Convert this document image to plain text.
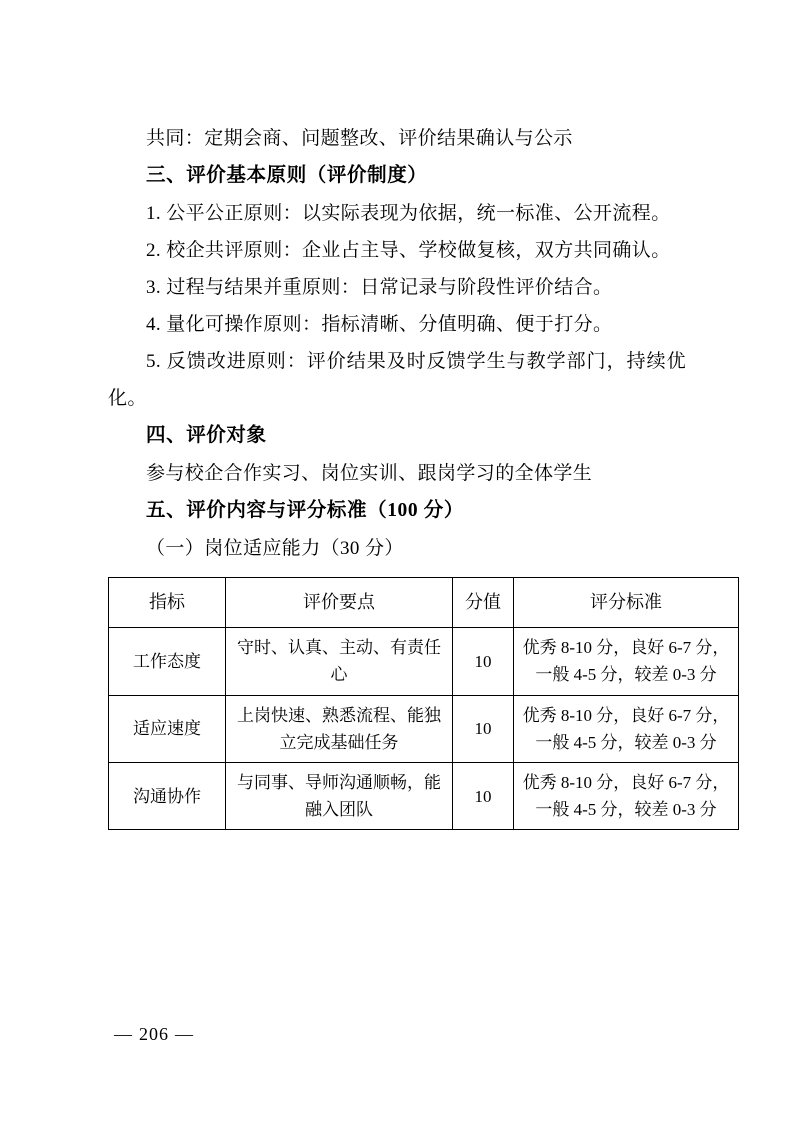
共同：定期会商、问题整改、评价结果确认与公示

三、评价基本原则（评价制度）

1. 公平公正原则：以实际表现为依据，统一标准、公开流程。

2. 校企共评原则：企业占主导、学校做复核，双方共同确认。

3. 过程与结果并重原则：日常记录与阶段性评价结合。

4. 量化可操作原则：指标清晰、分值明确、便于打分。

5. 反馈改进原则：评价结果及时反馈学生与教学部门，持续优化。

四、评价对象

参与校企合作实习、岗位实训、跟岗学习的全体学生

五、评价内容与评分标准（100 分）

（一）岗位适应能力（30 分）

指标	评价要点	分值	评分标准
工作态度	守时、认真、主动、有责任心	10	优秀 8-10 分，良好 6-7 分，一般 4-5 分，较差 0-3 分
适应速度	上岗快速、熟悉流程、能独立完成基础任务	10	优秀 8-10 分，良好 6-7 分，一般 4-5 分，较差 0-3 分
沟通协作	与同事、导师沟通顺畅，能融入团队	10	优秀 8-10 分，良好 6-7 分，一般 4-5 分，较差 0-3 分
— 206 —
